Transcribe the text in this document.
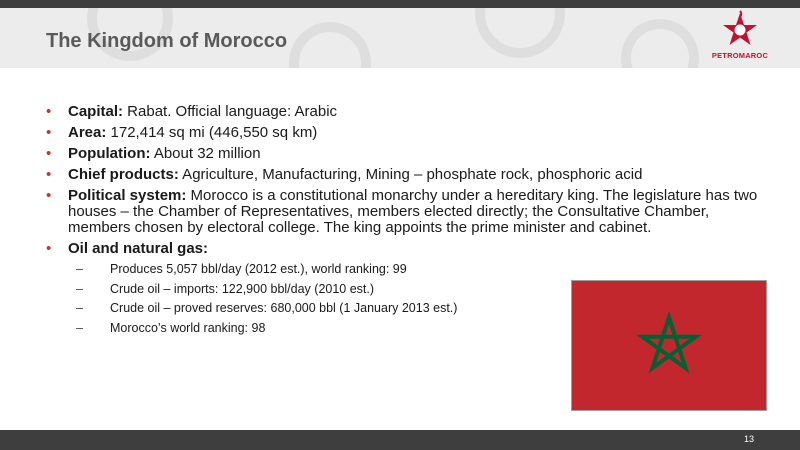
The Kingdom of Morocco
PETROMAROC
• Capital: Rabat. Official language: Arabic
• Area: 172,414 sq mi (446,550 sq km)
• Population: About 32 million
• Chief products: Agriculture, Manufacturing, Mining – phosphate rock, phosphoric acid
• Political system: Morocco is a constitutional monarchy under a hereditary king. The legislature has two houses – the Chamber of Representatives, members elected directly; the Consultative Chamber, members chosen by electoral college. The king appoints the prime minister and cabinet.
• Oil and natural gas:
– Produces 5,057 bbl/day (2012 est.), world ranking: 99
– Crude oil – imports: 122,900 bbl/day (2010 est.)
– Crude oil – proved reserves: 680,000 bbl (1 January 2013 est.)
– Morocco’s world ranking: 98
13
